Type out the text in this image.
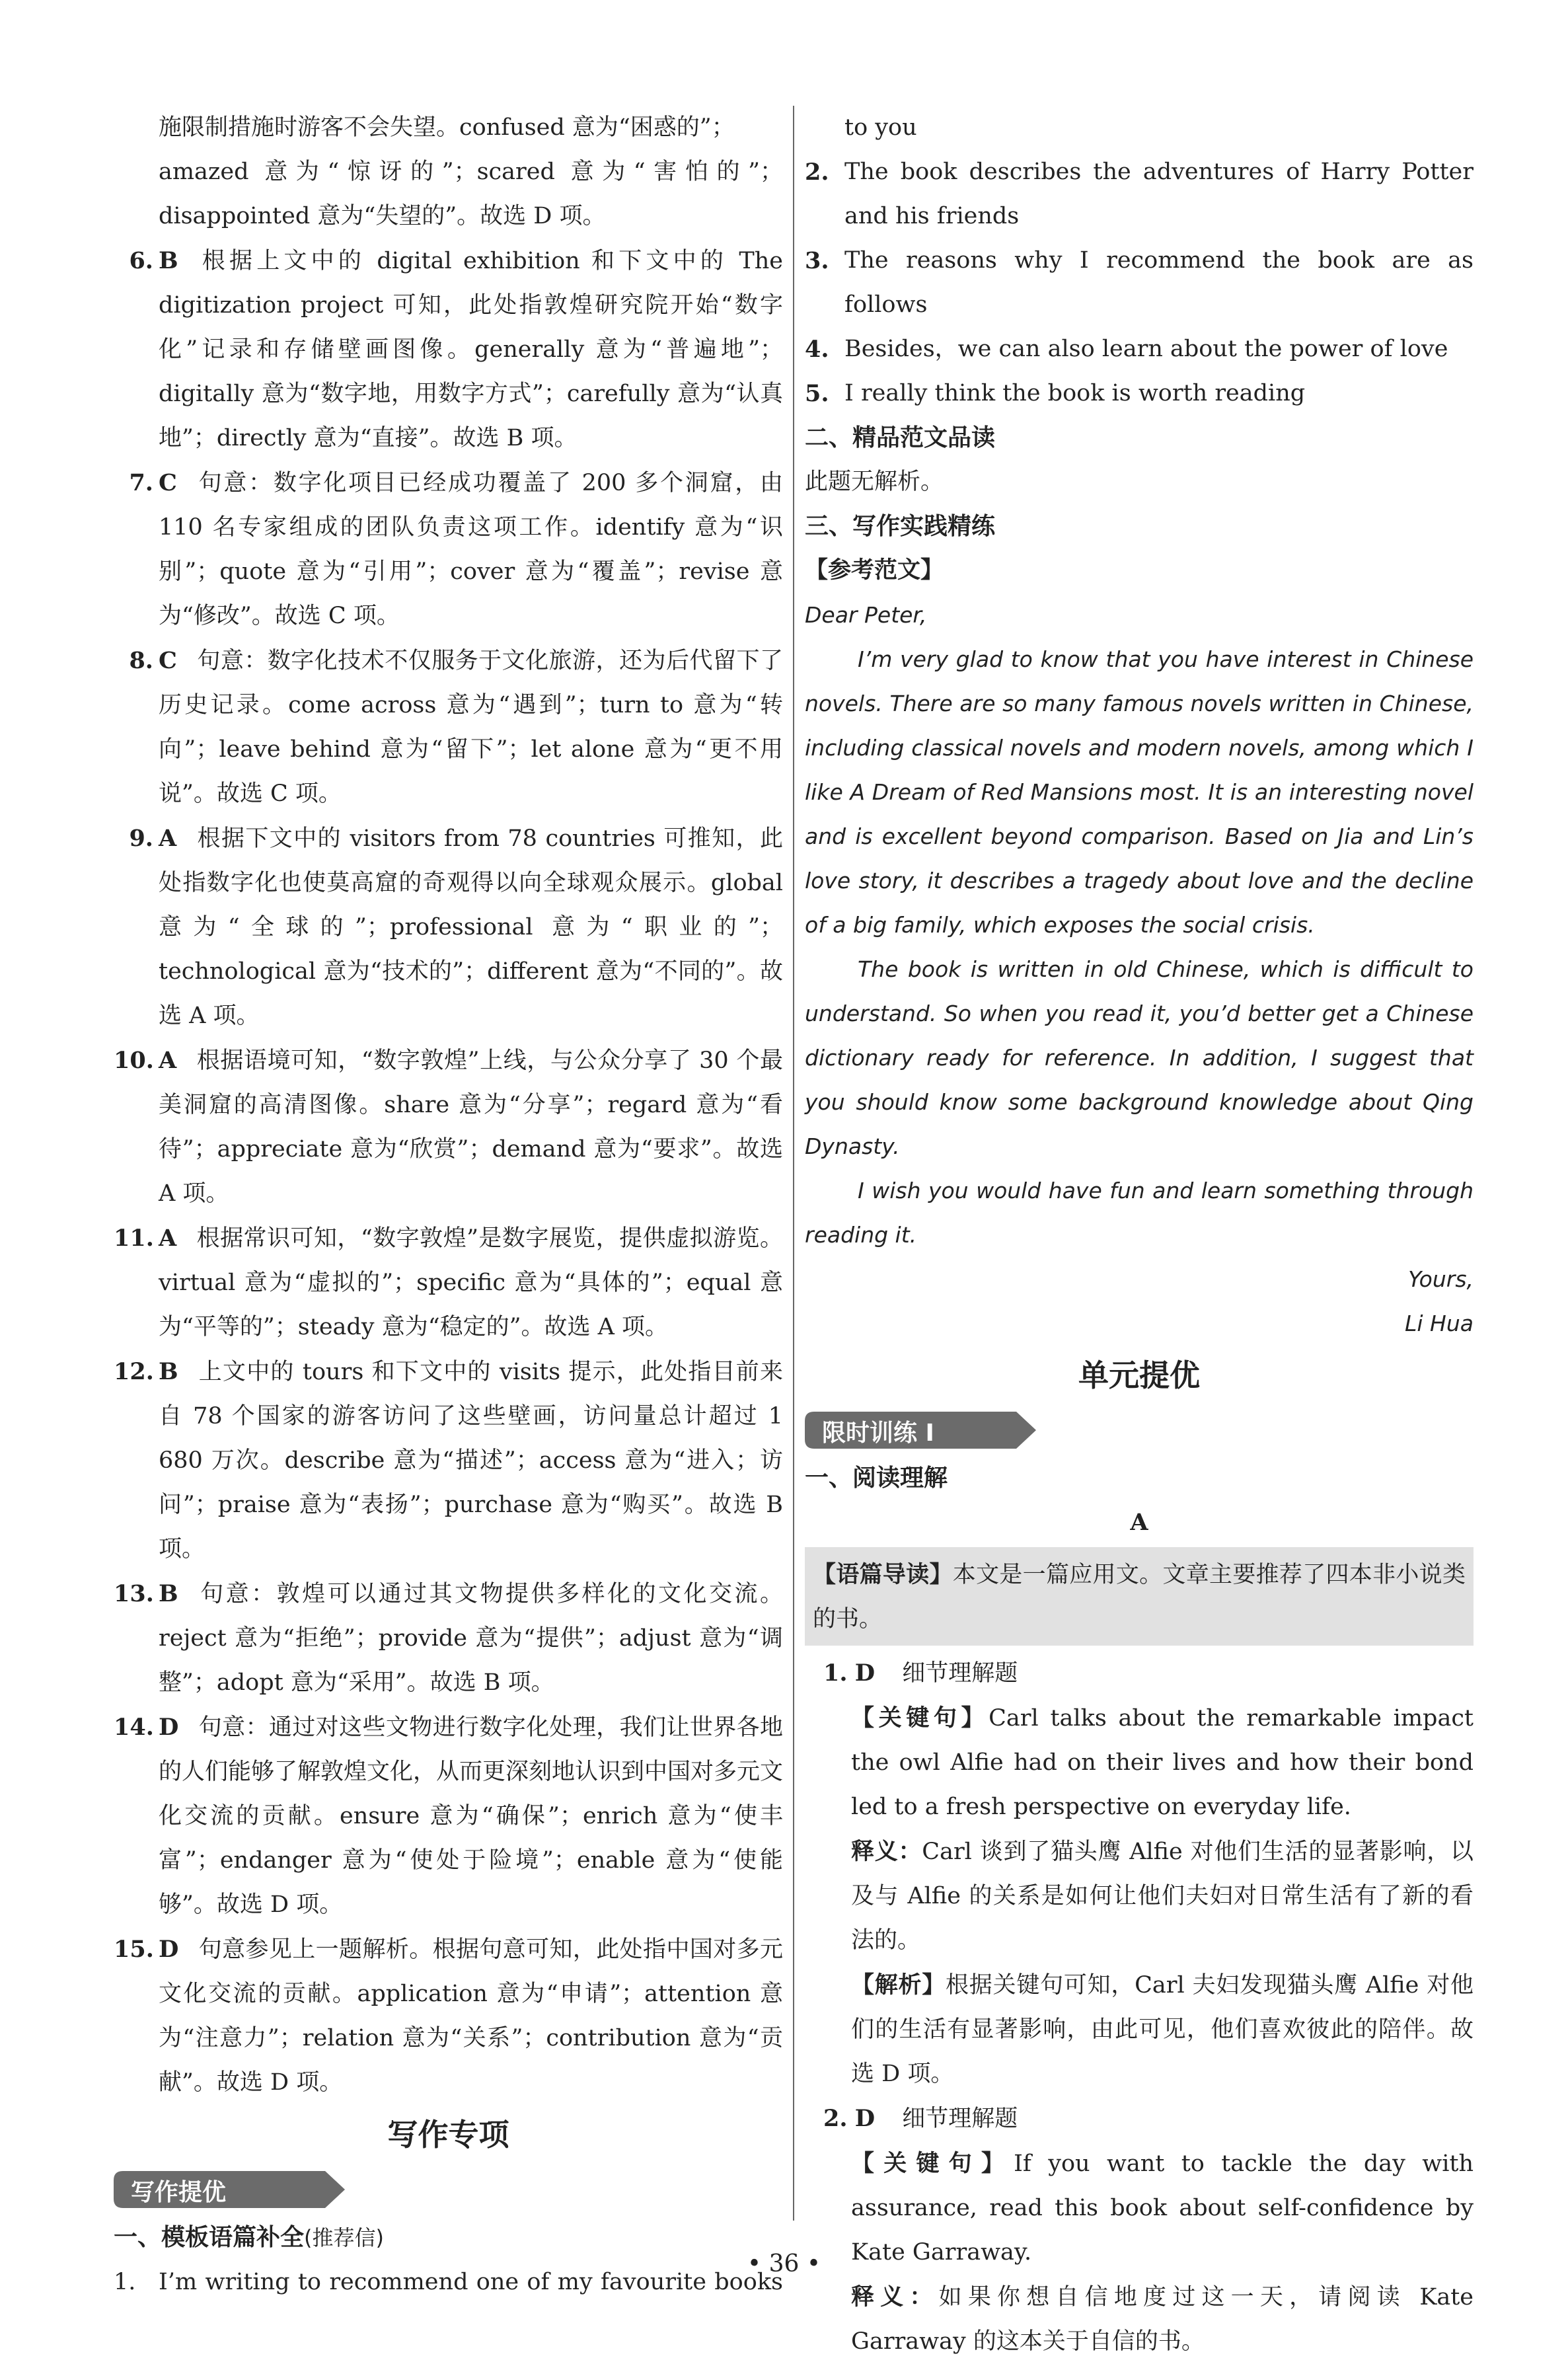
施限制措施时游客不会失望。confused 意为“困惑的”；
amazed 意为“惊讶的”；scared 意为“害怕的”；
disappointed 意为“失望的”。故选 D 项。
6. B 根据上文中的 digital exhibition 和下文中的 The digitization project 可知，此处指敦煌研究院开始“数字化”记录和存储壁画图像。generally 意为“普遍地”；digitally 意为“数字地，用数字方式”；carefully 意为“认真地”；directly 意为“直接”。故选 B 项。
7. C 句意：数字化项目已经成功覆盖了 200 多个洞窟，由 110 名专家组成的团队负责这项工作。identify 意为“识别”；quote 意为“引用”；cover 意为“覆盖”；revise 意为“修改”。故选 C 项。
8. C 句意：数字化技术不仅服务于文化旅游，还为后代留下了历史记录。come across 意为“遇到”；turn to 意为“转向”；leave behind 意为“留下”；let alone 意为“更不用说”。故选 C 项。
9. A 根据下文中的 visitors from 78 countries 可推知，此处指数字化也使莫高窟的奇观得以向全球观众展示。global 意为“全球的”；professional 意为“职业的”；technological 意为“技术的”；different 意为“不同的”。故选 A 项。
10. A 根据语境可知，“数字敦煌”上线，与公众分享了 30 个最美洞窟的高清图像。share 意为“分享”；regard 意为“看待”；appreciate 意为“欣赏”；demand 意为“要求”。故选 A 项。
11. A 根据常识可知，“数字敦煌”是数字展览，提供虚拟游览。virtual 意为“虚拟的”；specific 意为“具体的”；equal 意为“平等的”；steady 意为“稳定的”。故选 A 项。
12. B 上文中的 tours 和下文中的 visits 提示，此处指目前来自 78 个国家的游客访问了这些壁画，访问量总计超过 1 680 万次。describe 意为“描述”；access 意为“进入；访问”；praise 意为“表扬”；purchase 意为“购买”。故选 B 项。
13. B 句意：敦煌可以通过其文物提供多样化的文化交流。reject 意为“拒绝”；provide 意为“提供”；adjust 意为“调整”；adopt 意为“采用”。故选 B 项。
14. D 句意：通过对这些文物进行数字化处理，我们让世界各地的人们能够了解敦煌文化，从而更深刻地认识到中国对多元文化交流的贡献。ensure 意为“确保”；enrich 意为“使丰富”；endanger 意为“使处于险境”；enable 意为“使能够”。故选 D 项。
15. D 句意参见上一题解析。根据句意可知，此处指中国对多元文化交流的贡献。application 意为“申请”；attention 意为“注意力”；relation 意为“关系”；contribution 意为“贡献”。故选 D 项。
写作专项
写作提优
一、模板语篇补全(推荐信)
1. I’m writing to recommend one of my favourite books
to you
2. The book describes the adventures of Harry Potter and his friends
3. The reasons why I recommend the book are as follows
4. Besides，we can also learn about the power of love
5. I really think the book is worth reading
二、精品范文品读
此题无解析。
三、写作实践精练
【参考范文】
Dear Peter,
I’m very glad to know that you have interest in Chinese novels. There are so many famous novels written in Chinese, including classical novels and modern novels, among which I like A Dream of Red Mansions most. It is an interesting novel and is excellent beyond comparison. Based on Jia and Lin’s love story, it describes a tragedy about love and the decline of a big family, which exposes the social crisis.
The book is written in old Chinese, which is difficult to understand. So when you read it, you’d better get a Chinese dictionary ready for reference. In addition, I suggest that you should know some background knowledge about Qing Dynasty.
I wish you would have fun and learn something through reading it.
Yours,
Li Hua
单元提优
限时训练 Ⅰ
一、阅读理解
A
【语篇导读】本文是一篇应用文。文章主要推荐了四本非小说类的书。
1. D 细节理解题
【关键句】Carl talks about the remarkable impact the owl Alfie had on their lives and how their bond led to a fresh perspective on everyday life.
释义：Carl 谈到了猫头鹰 Alfie 对他们生活的显著影响，以及与 Alfie 的关系是如何让他们夫妇对日常生活有了新的看法的。
【解析】根据关键句可知，Carl 夫妇发现猫头鹰 Alfie 对他们的生活有显著影响，由此可见，他们喜欢彼此的陪伴。故选 D 项。
2. D 细节理解题
【关键句】If you want to tackle the day with assurance, read this book about self-confidence by Kate Garraway.
释义：如果你想自信地度过这一天，请阅读 Kate Garraway 的这本关于自信的书。
• 36 •
